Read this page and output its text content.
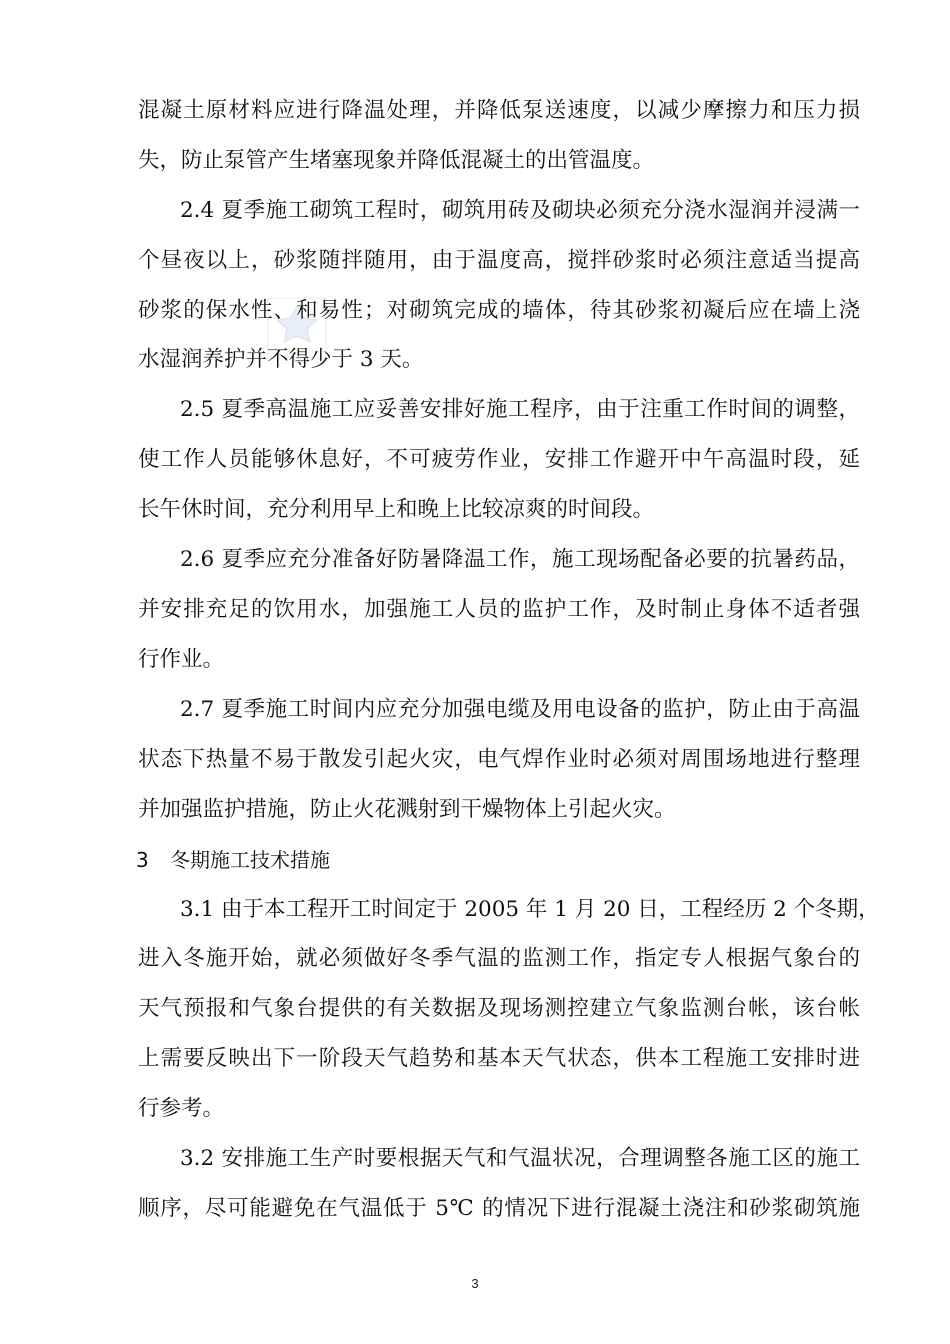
混凝土原材料应进行降温处理，并降低泵送速度，以减少摩擦力和压力损
失，防止泵管产生堵塞现象并降低混凝土的出管温度。
2.4 夏季施工砌筑工程时，砌筑用砖及砌块必须充分浇水湿润并浸满一
个昼夜以上，砂浆随拌随用，由于温度高，搅拌砂浆时必须注意适当提高
砂浆的保水性、和易性；对砌筑完成的墙体，待其砂浆初凝后应在墙上浇
水湿润养护并不得少于 3 天。
2.5 夏季高温施工应妥善安排好施工程序，由于注重工作时间的调整，
使工作人员能够休息好，不可疲劳作业，安排工作避开中午高温时段，延
长午休时间，充分利用早上和晚上比较凉爽的时间段。
2.6 夏季应充分准备好防暑降温工作，施工现场配备必要的抗暑药品，
并安排充足的饮用水，加强施工人员的监护工作，及时制止身体不适者强
行作业。
2.7 夏季施工时间内应充分加强电缆及用电设备的监护，防止由于高温
状态下热量不易于散发引起火灾，电气焊作业时必须对周围场地进行整理
并加强监护措施，防止火花溅射到干燥物体上引起火灾。
3 冬期施工技术措施
3.1 由于本工程开工时间定于 2005 年 1 月 20 日，工程经历 2 个冬期，
进入冬施开始，就必须做好冬季气温的监测工作，指定专人根据气象台的
天气预报和气象台提供的有关数据及现场测控建立气象监测台帐，该台帐
上需要反映出下一阶段天气趋势和基本天气状态，供本工程施工安排时进
行参考。
3.2 安排施工生产时要根据天气和气温状况，合理调整各施工区的施工
顺序，尽可能避免在气温低于 5℃ 的情况下进行混凝土浇注和砂浆砌筑施
3
